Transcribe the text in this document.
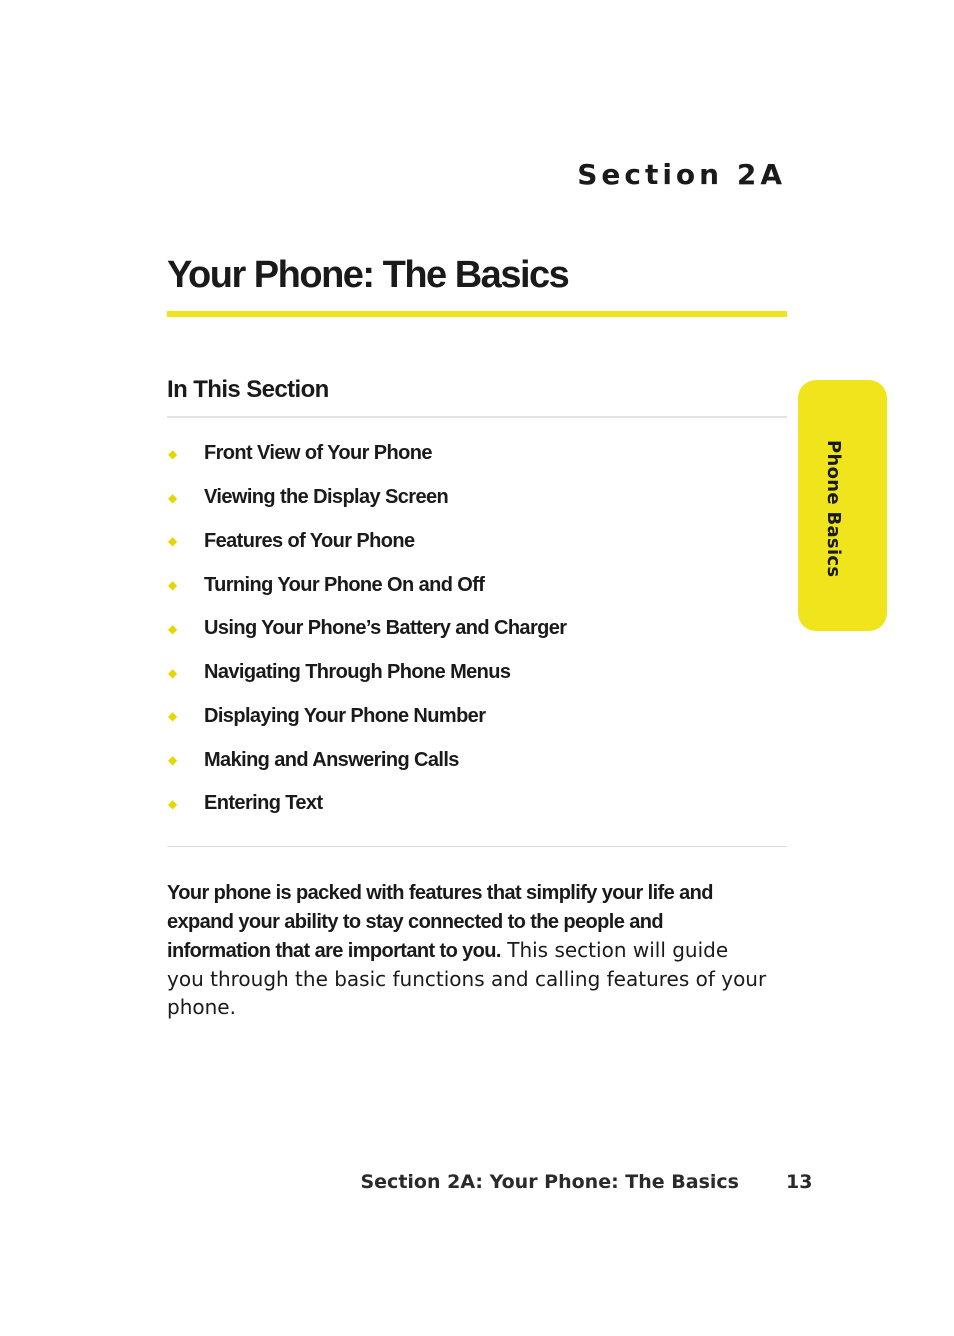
Section 2A
Your Phone: The Basics
In This Section
◆	Front View of Your Phone
◆	Viewing the Display Screen
◆	Features of Your Phone
◆	Turning Your Phone On and Off
◆	Using Your Phone’s Battery and Charger
◆	Navigating Through Phone Menus
◆	Displaying Your Phone Number
◆	Making and Answering Calls
◆	Entering Text

Your phone is packed with features that simplify your life and expand your ability to stay connected to the people and information that are important to you. This section will guide you through the basic functions and calling features of your phone.

Phone Basics
Section 2A: Your Phone: The Basics 13
